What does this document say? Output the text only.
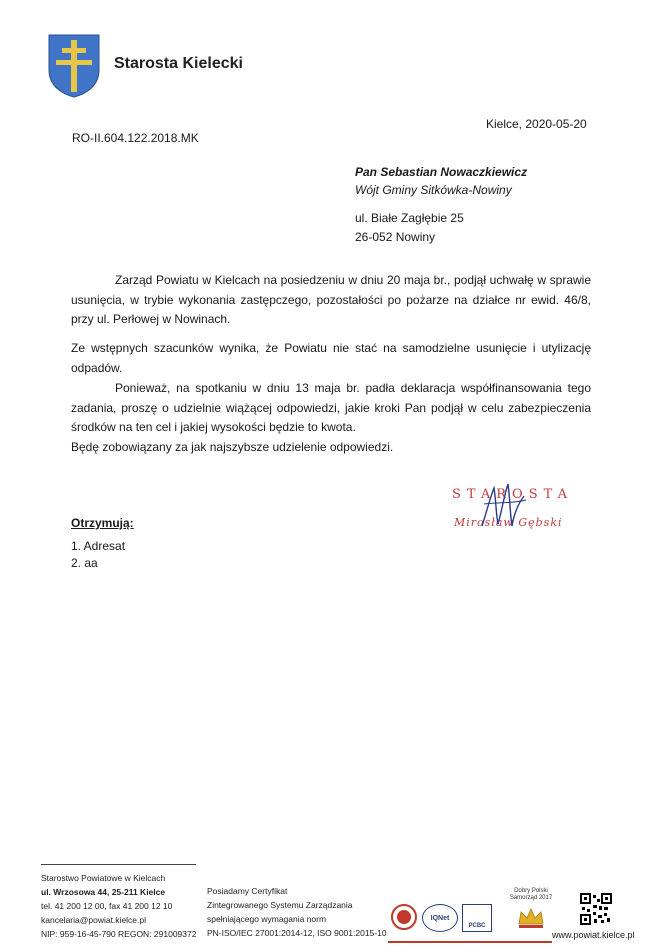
Starosta Kielecki
Kielce, 2020-05-20
RO-II.604.122.2018.MK
Pan Sebastian Nowaczkiewicz
Wójt Gminy Sitkówka-Nowiny
ul. Białe Zagłębie 25
26-052 Nowiny
Zarząd Powiatu w Kielcach na posiedzeniu w dniu 20 maja br., podjął uchwałę w sprawie usunięcia, w trybie wykonania zastępczego, pozostałości po pożarze na działce nr ewid. 46/8, przy ul. Perłowej w Nowinach.
Ze wstępnych szacunków wynika, że Powiatu nie stać na samodzielne usunięcie i utylizację odpadów.
Ponieważ, na spotkaniu w dniu 13 maja br. padła deklaracja współfinansowania tego zadania, proszę o udzielnie wiążącej odpowiedzi, jakie kroki Pan podjął w celu zabezpieczenia środków na ten cel i jakiej wysokości będzie to kwota.
Będę zobowiązany za jak najszybsze udzielenie odpowiedzi.
STAROSTA
Mirosław Gębski
Otrzymują:
1. Adresat
2. aa
Starostwo Powiatowe w Kielcach
ul. Wrzosowa 44, 25-211 Kielce
tel. 41 200 12 00, fax 41 200 12 10
kancelaria@powiat.kielce.pl
NIP: 959-16-45-790 REGON: 291009372
Posiadamy Certyfikat
Zintegrowanego Systemu Zarządzania
spełniającego wymagania norm
PN-ISO/IEC 27001:2014-12, ISO 9001:2015-10
IQNet
PCBC
Dobry Polski
Samorząd 2017
www.powiat.kielce.pl
